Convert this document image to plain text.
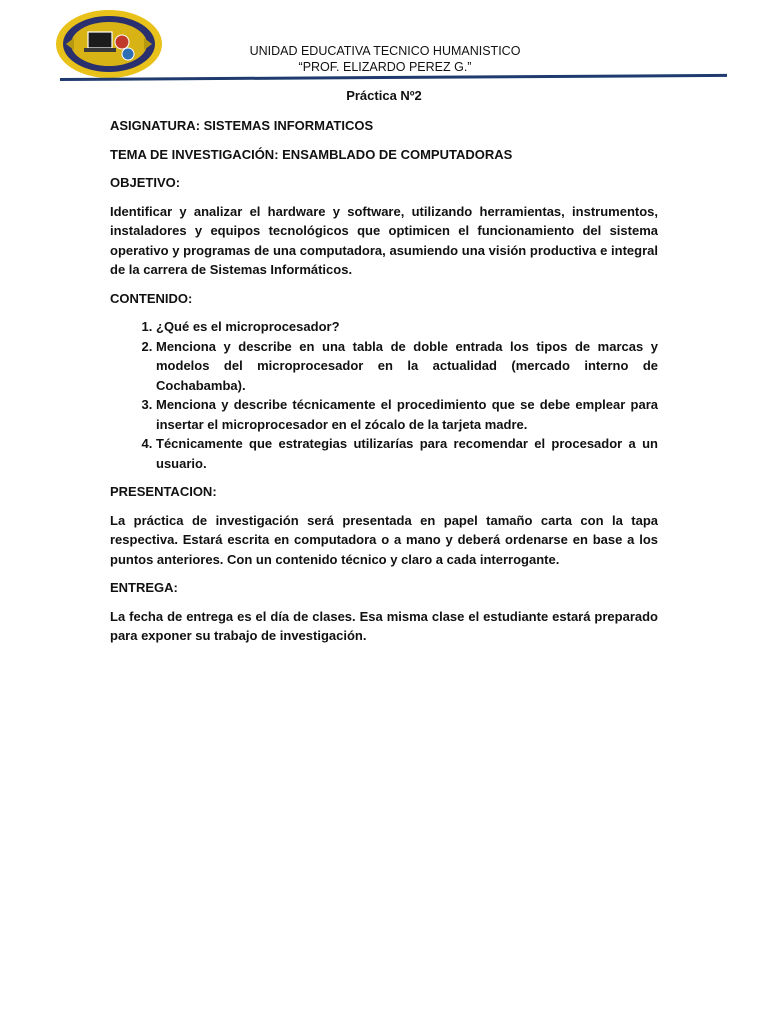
UNIDAD EDUCATIVA TECNICO HUMANISTICO
“PROF. ELIZARDO PEREZ G.”
Práctica Nº2

ASIGNATURA: SISTEMAS INFORMATICOS

TEMA DE INVESTIGACIÓN: ENSAMBLADO DE COMPUTADORAS

OBJETIVO:

Identificar y analizar el hardware y software, utilizando herramientas, instrumentos, instaladores y equipos tecnológicos que optimicen el funcionamiento del sistema operativo y programas de una computadora, asumiendo una visión productiva e integral de la carrera de Sistemas Informáticos.

CONTENIDO:

1. ¿Qué es el microprocesador?
2. Menciona y describe en una tabla de doble entrada los tipos de marcas y modelos del microprocesador en la actualidad (mercado interno de Cochabamba).
3. Menciona y describe técnicamente el procedimiento que se debe emplear para insertar el microprocesador en el zócalo de la tarjeta madre.
4. Técnicamente que estrategias utilizarías para recomendar el procesador a un usuario.

PRESENTACION:

La práctica de investigación será presentada en papel tamaño carta con la tapa respectiva. Estará escrita en computadora o a mano y deberá ordenarse en base a los puntos anteriores. Con un contenido técnico y claro a cada interrogante.

ENTREGA:

La fecha de entrega es el día de clases. Esa misma clase el estudiante estará preparado para exponer su trabajo de investigación.
